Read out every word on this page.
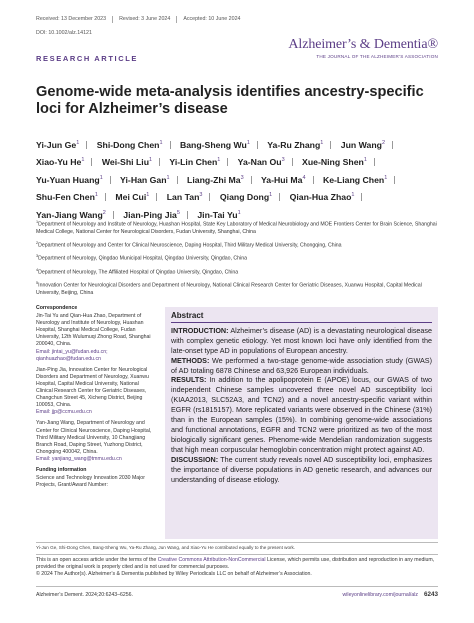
Received: 13 December 2023 Revised: 3 June 2024 Accepted: 10 June 2024
DOI: 10.1002/alz.14121
Alzheimer’s & Dementia®
THE JOURNAL OF THE ALZHEIMER’S ASSOCIATION
RESEARCH ARTICLE
Genome-wide meta-analysis identifies ancestry-specific loci for Alzheimer’s disease
Yi-Jun Ge$^1$ Shi-Dong Chen$^1$ Bang-Sheng Wu$^1$ Ya-Ru Zhang$^1$ Jun Wang$^2$ Xiao-Yu He$^1$ Wei-Shi Liu$^1$ Yi-Lin Chen$^1$ Ya-Nan Ou$^3$ Xue-Ning Shen$^1$ Yu-Yuan Huang$^1$ Yi-Han Gan$^1$ Liang-Zhi Ma$^3$ Ya-Hui Ma$^4$ Ke-Liang Chen$^1$ Shu-Fen Chen$^1$ Mei Cui$^1$ Lan Tan$^3$ Qiang Dong$^1$ Qian-Hua Zhao$^1$ Yan-Jiang Wang$^2$ Jian-Ping Jia$^5$ Jin-Tai Yu$^1$
$^1$Department of Neurology and Institute of Neurology, Huashan Hospital, State Key Laboratory of Medical Neurobiology and MOE Frontiers Center for Brain Science, Shanghai Medical College, National Center for Neurological Disorders, Fudan University, Shanghai, China
$^2$Department of Neurology and Center for Clinical Neuroscience, Daping Hospital, Third Military Medical University, Chongqing, China
$^3$Department of Neurology, Qingdao Municipal Hospital, Qingdao University, Qingdao, China
$^4$Department of Neurology, The Affiliated Hospital of Qingdao University, Qingdao, China
$^5$Innovation Center for Neurological Disorders and Department of Neurology, National Clinical Research Center for Geriatric Diseases, Xuanwu Hospital, Capital Medical University, Beijing, China
Correspondence
Jin-Tai Yu and Qian-Hua Zhao, Department of Neurology and Institute of Neurology, Huashan Hospital, Shanghai Medical College, Fudan University, 12th Wulumuqi Zhong Road, Shanghai 200040, China.
Email: jintai_yu@fudan.edu.cn; qianhuazhao@fudan.edu.cn
Jian-Ping Jia, Innovation Center for Neurological Disorders and Department of Neurology, Xuanwu Hospital, Capital Medical University, National Clinical Research Center for Geriatric Diseases, Changchun Street 45, Xicheng District, Beijing 100053, China.
Email: jjp@ccmu.edu.cn
Yan-Jiang Wang, Department of Neurology and Center for Clinical Neuroscience, Daping Hospital, Third Military Medical University, 10 Changjiang Branch Road, Daping Street, Yuzhong District, Chongqing 400042, China.
Email: yanjiang_wang@tmmu.edu.cn
Funding information
Science and Technology Innovation 2030 Major Projects, Grant/Award Number:
Abstract

INTRODUCTION: Alzheimer’s disease (AD) is a devastating neurological disease with complex genetic etiology. Yet most known loci have only identified from the late-onset type AD in populations of European ancestry.

METHODS: We performed a two-stage genome-wide association study (GWAS) of AD totaling 6878 Chinese and 63,926 European individuals.

RESULTS: In addition to the apolipoprotein E (APOE) locus, our GWAS of two independent Chinese samples uncovered three novel AD susceptibility loci (KIAA2013, SLC52A3, and TCN2) and a novel ancestry-specific variant within EGFR (rs1815157). More replicated variants were observed in the Chinese (31%) than in the European samples (15%). In combining genome-wide associations and functional annotations, EGFR and TCN2 were prioritized as two of the most biologically significant genes. Phenome-wide Mendelian randomization suggests that high mean corpuscular hemoglobin concentration might protect against AD.

DISCUSSION: The current study reveals novel AD susceptibility loci, emphasizes the importance of diverse populations in AD genetic research, and advances our understanding of disease etiology.

Yi-Jun Ge, Shi-Dong Chen, Bang-Sheng Wu, Ya-Ru Zhang, Jun Wang, and Xiao-Yu He contributed equally to the present work.
This is an open access article under the terms of the Creative Commons Attribution-NonCommercial License, which permits use, distribution and reproduction in any medium, provided the original work is properly cited and is not used for commercial purposes.
© 2024 The Author(s). Alzheimer’s & Dementia published by Wiley Periodicals LLC on behalf of Alzheimer’s Association.
Alzheimer’s Dement. 2024;20:6243–6256.	wileyonlinelibrary.com/journal/alz 6243
